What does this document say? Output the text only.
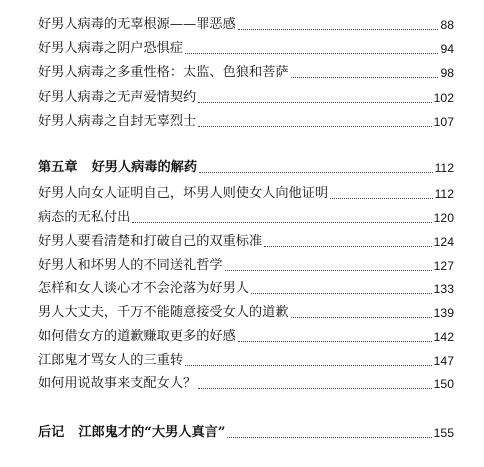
好男人病毒的无辜根源——罪恶感	88
好男人病毒之阴户恐惧症	94
好男人病毒之多重性格：太监、色狼和菩萨	98
好男人病毒之无声爱情契约	102
好男人病毒之自封无辜烈士	107
第五章 好男人病毒的解药	112
好男人向女人证明自己，坏男人则使女人向他证明	112
病态的无私付出	120
好男人要看清楚和打破自己的双重标准	124
好男人和坏男人的不同送礼哲学	127
怎样和女人谈心才不会沦落为好男人	133
男人大丈夫，千万不能随意接受女人的道歉	139
如何借女方的道歉赚取更多的好感	142
江郎鬼才骂女人的三重转	147
如何用说故事来支配女人？	150
后记 江郎鬼才的“大男人真言”	155
